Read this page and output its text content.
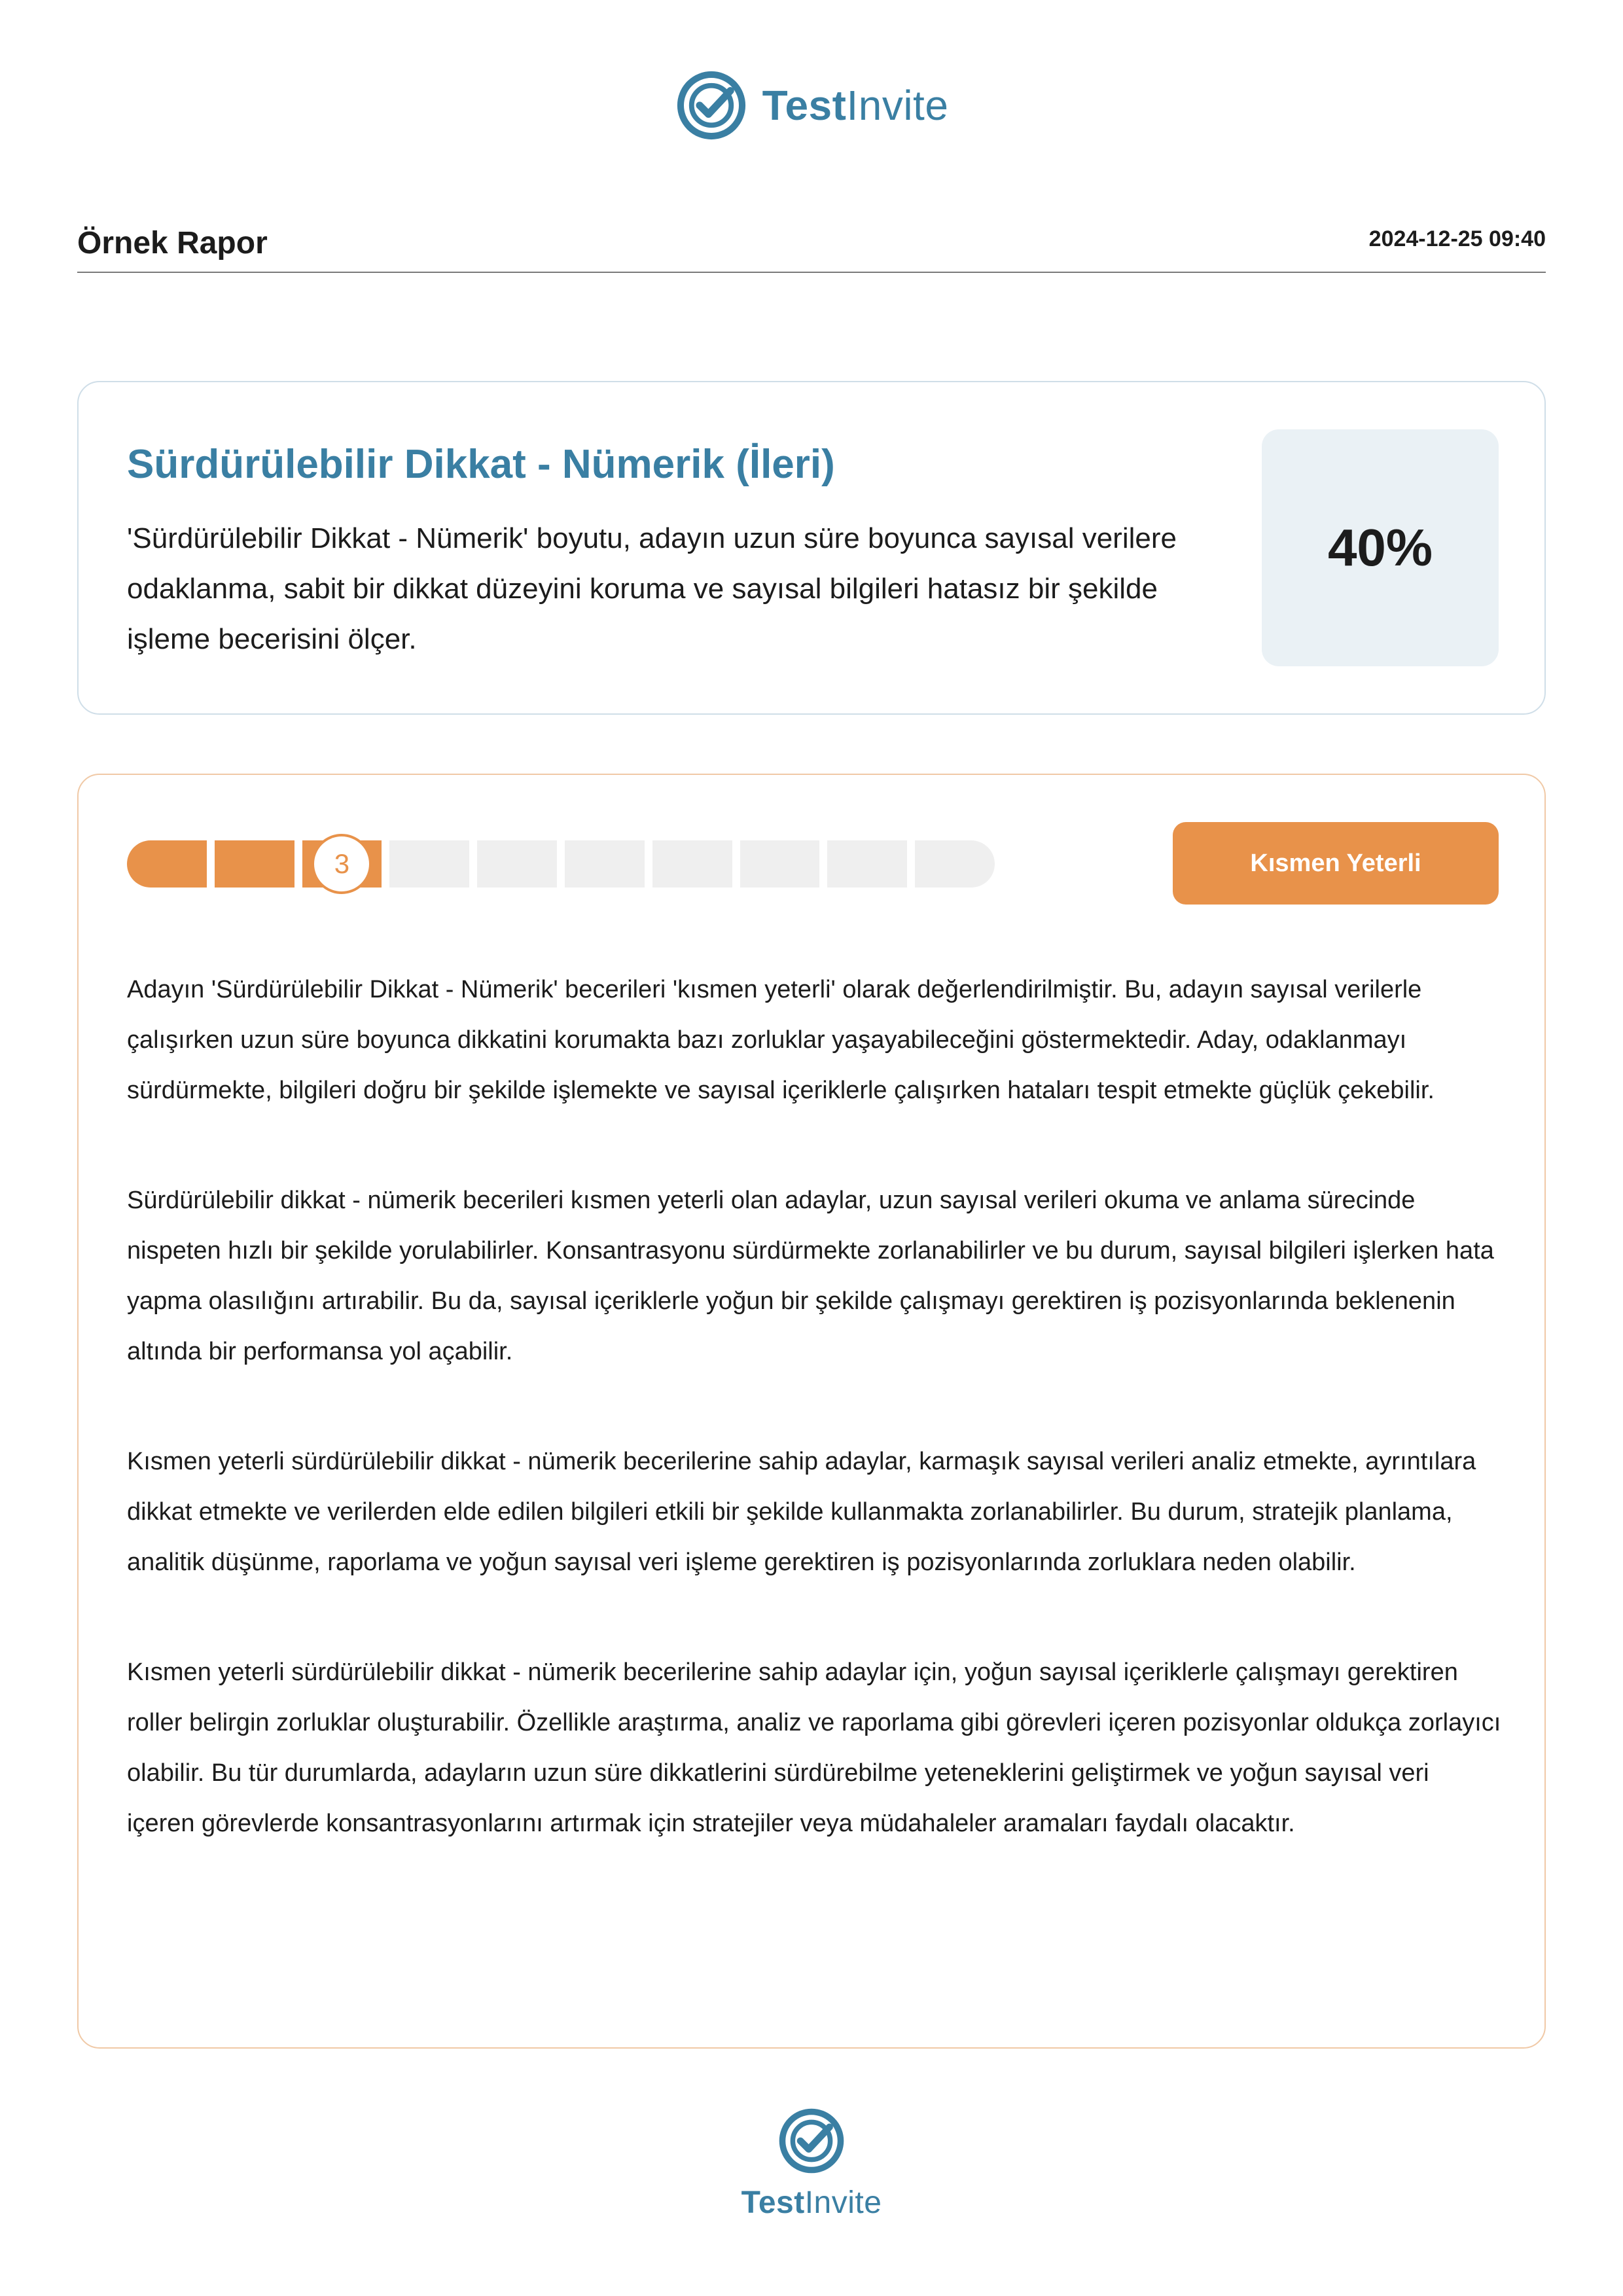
TestInvite
Örnek Rapor	2024-12-25 09:40
Sürdürülebilir Dikkat - Nümerik (İleri)
'Sürdürülebilir Dikkat - Nümerik' boyutu, adayın uzun süre boyunca sayısal verilere odaklanma, sabit bir dikkat düzeyini koruma ve sayısal bilgileri hatasız bir şekilde işleme becerisini ölçer.
40%
3	Kısmen Yeterli

Adayın 'Sürdürülebilir Dikkat - Nümerik' becerileri 'kısmen yeterli' olarak değerlendirilmiştir. Bu, adayın sayısal verilerle çalışırken uzun süre boyunca dikkatini korumakta bazı zorluklar yaşayabileceğini göstermektedir. Aday, odaklanmayı sürdürmekte, bilgileri doğru bir şekilde işlemekte ve sayısal içeriklerle çalışırken hataları tespit etmekte güçlük çekebilir.

Sürdürülebilir dikkat - nümerik becerileri kısmen yeterli olan adaylar, uzun sayısal verileri okuma ve anlama sürecinde nispeten hızlı bir şekilde yorulabilirler. Konsantrasyonu sürdürmekte zorlanabilirler ve bu durum, sayısal bilgileri işlerken hata yapma olasılığını artırabilir. Bu da, sayısal içeriklerle yoğun bir şekilde çalışmayı gerektiren iş pozisyonlarında beklenenin altında bir performansa yol açabilir.

Kısmen yeterli sürdürülebilir dikkat - nümerik becerilerine sahip adaylar, karmaşık sayısal verileri analiz etmekte, ayrıntılara dikkat etmekte ve verilerden elde edilen bilgileri etkili bir şekilde kullanmakta zorlanabilirler. Bu durum, stratejik planlama, analitik düşünme, raporlama ve yoğun sayısal veri işleme gerektiren iş pozisyonlarında zorluklara neden olabilir.

Kısmen yeterli sürdürülebilir dikkat - nümerik becerilerine sahip adaylar için, yoğun sayısal içeriklerle çalışmayı gerektiren roller belirgin zorluklar oluşturabilir. Özellikle araştırma, analiz ve raporlama gibi görevleri içeren pozisyonlar oldukça zorlayıcı olabilir. Bu tür durumlarda, adayların uzun süre dikkatlerini sürdürebilme yeteneklerini geliştirmek ve yoğun sayısal veri içeren görevlerde konsantrasyonlarını artırmak için stratejiler veya müdahaleler aramaları faydalı olacaktır.

TestInvite
